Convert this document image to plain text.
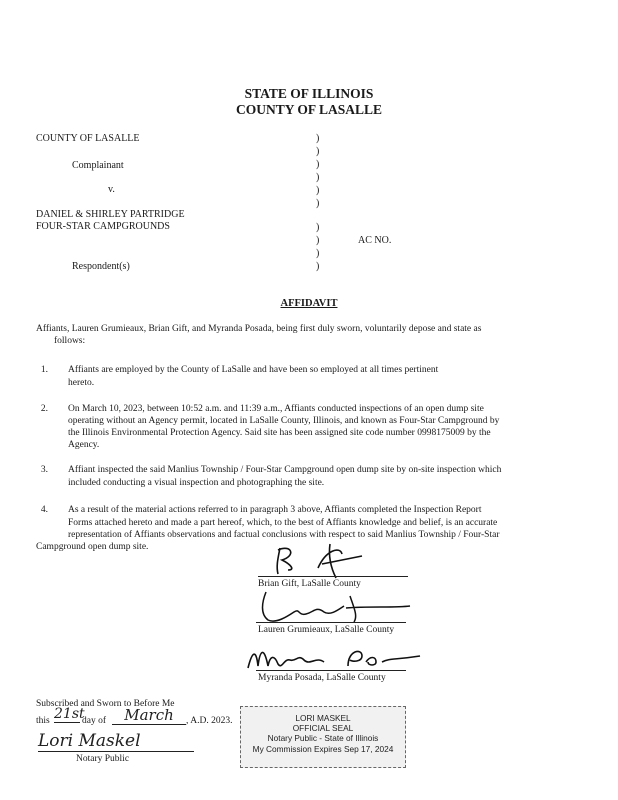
STATE OF ILLINOIS
COUNTY OF LASALLE
COUNTY OF LASALLE
Complainant
v.
DANIEL & SHIRLEY PARTRIDGE
FOUR-STAR CAMPGROUNDS
Respondent(s)
AC NO.
)
)
)
)
)
)
)
)
)
)
AFFIDAVIT
Affiants, Lauren Grumieaux, Brian Gift, and Myranda Posada, being first duly sworn, voluntarily depose and state as
follows:
1. Affiants are employed by the County of LaSalle and have been so employed at all times pertinent
hereto.
2. On March 10, 2023, between 10:52 a.m. and 11:39 a.m., Affiants conducted inspections of an open dump site
operating without an Agency permit, located in LaSalle County, Illinois, and known as Four-Star Campground by
the Illinois Environmental Protection Agency. Said site has been assigned site code number 0998175009 by the
Agency.
3. Affiant inspected the said Manlius Township / Four-Star Campground open dump site by on-site inspection which
included conducting a visual inspection and photographing the site.
4. As a result of the material actions referred to in paragraph 3 above, Affiants completed the Inspection Report
Forms attached hereto and made a part hereof, which, to the best of Affiants knowledge and belief, is an accurate
representation of Affiants observations and factual conclusions with respect to said Manlius Township / Four-Star
Campground open dump site.
Bi Gf
Brian Gift, LaSalle County
Lauren G
Lauren Grumieaux, LaSalle County
Myranda Posada
Myranda Posada, LaSalle County
Subscribed and Sworn to Before Me
this 21st
day of	March	, A.D. 2023.
Lori Maskel
Notary Public
LORI MASKEL
OFFICIAL SEAL
Notary Public - State of Illinois
My Commission Expires Sep 17, 2024
